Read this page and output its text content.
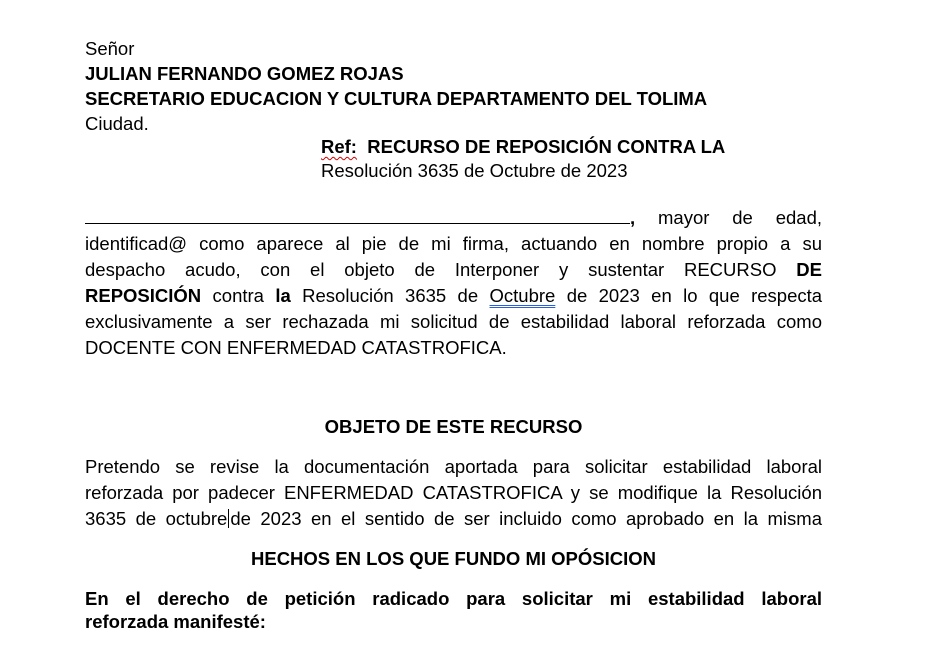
Señor
JULIAN FERNANDO GOMEZ ROJAS
SECRETARIO EDUCACION Y CULTURA DEPARTAMENTO DEL TOLIMA
Ciudad.
Ref: RECURSO DE REPOSICIÓN CONTRA LA
Resolución 3635 de Octubre de 2023
, mayor de edad,
identificad@ como aparece al pie de mi firma, actuando en nombre propio a su
despacho acudo, con el objeto de Interponer y sustentar RECURSO DE
REPOSICIÓN contra la Resolución 3635 de Octubre de 2023 en lo que respecta
exclusivamente a ser rechazada mi solicitud de estabilidad laboral reforzada como
DOCENTE CON ENFERMEDAD CATASTROFICA.
OBJETO DE ESTE RECURSO
Pretendo se revise la documentación aportada para solicitar estabilidad laboral
reforzada por padecer ENFERMEDAD CATASTROFICA y se modifique la Resolución
3635 de octubre de 2023 en el sentido de ser incluido como aprobado en la misma
HECHOS EN LOS QUE FUNDO MI OPÓSICION
En el derecho de petición radicado para solicitar mi estabilidad laboral
reforzada manifesté:
